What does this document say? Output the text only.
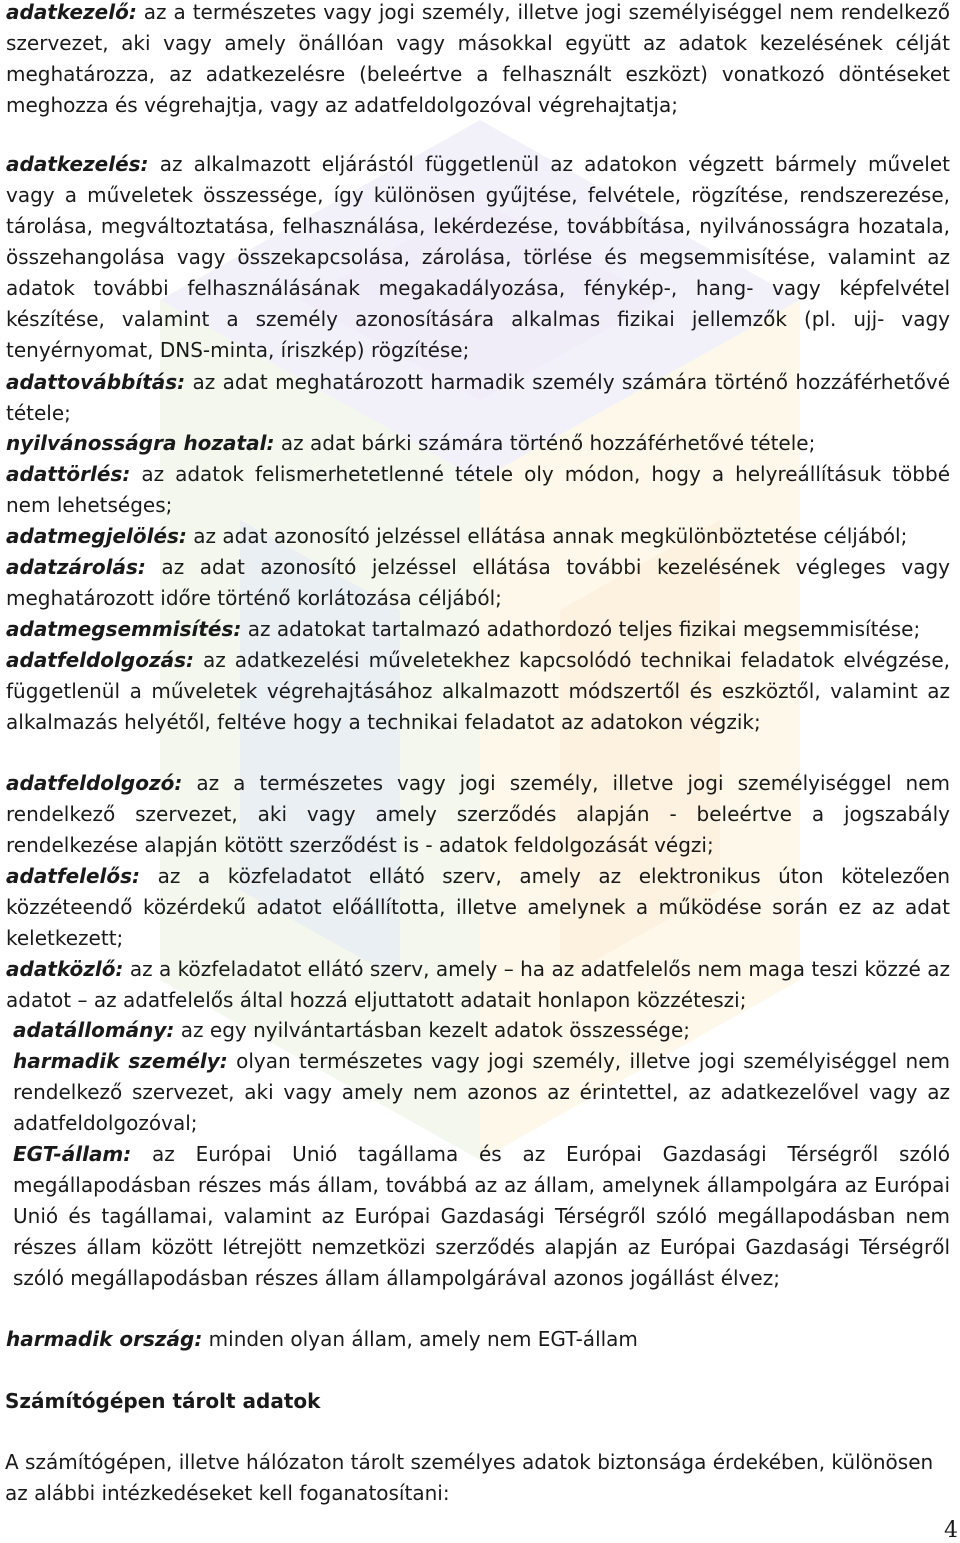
adatkezelő: az a természetes vagy jogi személy, illetve jogi személyiséggel nem rendelkező szervezet, aki vagy amely önállóan vagy másokkal együtt az adatok kezelésének célját meghatározza, az adatkezelésre (beleértve a felhasznált eszközt) vonatkozó döntéseket meghozza és végrehajtja, vagy az adatfeldolgozóval végrehajtatja;

adatkezelés: az alkalmazott eljárástól függetlenül az adatokon végzett bármely művelet vagy a műveletek összessége, így különösen gyűjtése, felvétele, rögzítése, rendszerezése, tárolása, megváltoztatása, felhasználása, lekérdezése, továbbítása, nyilvánosságra hozatala, összehangolása vagy összekapcsolása, zárolása, törlése és megsemmisítése, valamint az adatok további felhasználásának megakadályozása, fénykép-, hang- vagy képfelvétel készítése, valamint a személy azonosítására alkalmas fizikai jellemzők (pl. ujj- vagy tenyérnyomat, DNS-minta, íriszkép) rögzítése;

adattovábbítás: az adat meghatározott harmadik személy számára történő hozzáférhetővé tétele;

nyilvánosságra hozatal: az adat bárki számára történő hozzáférhetővé tétele;

adattörlés: az adatok felismerhetetlenné tétele oly módon, hogy a helyreállításuk többé nem lehetséges;

adatmegjelölés: az adat azonosító jelzéssel ellátása annak megkülönböztetése céljából;

adatzárolás: az adat azonosító jelzéssel ellátása további kezelésének végleges vagy meghatározott időre történő korlátozása céljából;

adatmegsemmisítés: az adatokat tartalmazó adathordozó teljes fizikai megsemmisítése;

adatfeldolgozás: az adatkezelési műveletekhez kapcsolódó technikai feladatok elvégzése, függetlenül a műveletek végrehajtásához alkalmazott módszertől és eszköztől, valamint az alkalmazás helyétől, feltéve hogy a technikai feladatot az adatokon végzik;

adatfeldolgozó: az a természetes vagy jogi személy, illetve jogi személyiséggel nem rendelkező szervezet, aki vagy amely szerződés alapján - beleértve a jogszabály rendelkezése alapján kötött szerződést is - adatok feldolgozását végzi;

adatfelelős: az a közfeladatot ellátó szerv, amely az elektronikus úton kötelezően közzéteendő közérdekű adatot előállította, illetve amelynek a működése során ez az adat keletkezett;

adatközlő: az a közfeladatot ellátó szerv, amely – ha az adatfelelős nem maga teszi közzé az adatot – az adatfelelős által hozzá eljuttatott adatait honlapon közzéteszi;

adatállomány: az egy nyilvántartásban kezelt adatok összessége;

harmadik személy: olyan természetes vagy jogi személy, illetve jogi személyiséggel nem rendelkező szervezet, aki vagy amely nem azonos az érintettel, az adatkezelővel vagy az adatfeldolgozóval;

EGT-állam: az Európai Unió tagállama és az Európai Gazdasági Térségről szóló megállapodásban részes más állam, továbbá az az állam, amelynek állampolgára az Európai Unió és tagállamai, valamint az Európai Gazdasági Térségről szóló megállapodásban nem részes állam között létrejött nemzetközi szerződés alapján az Európai Gazdasági Térségről szóló megállapodásban részes állam állampolgárával azonos jogállást élvez;

harmadik ország: minden olyan állam, amely nem EGT-állam

Számítógépen tárolt adatok

A számítógépen, illetve hálózaton tárolt személyes adatok biztonsága érdekében, különösen az alábbi intézkedéseket kell foganatosítani:

4
